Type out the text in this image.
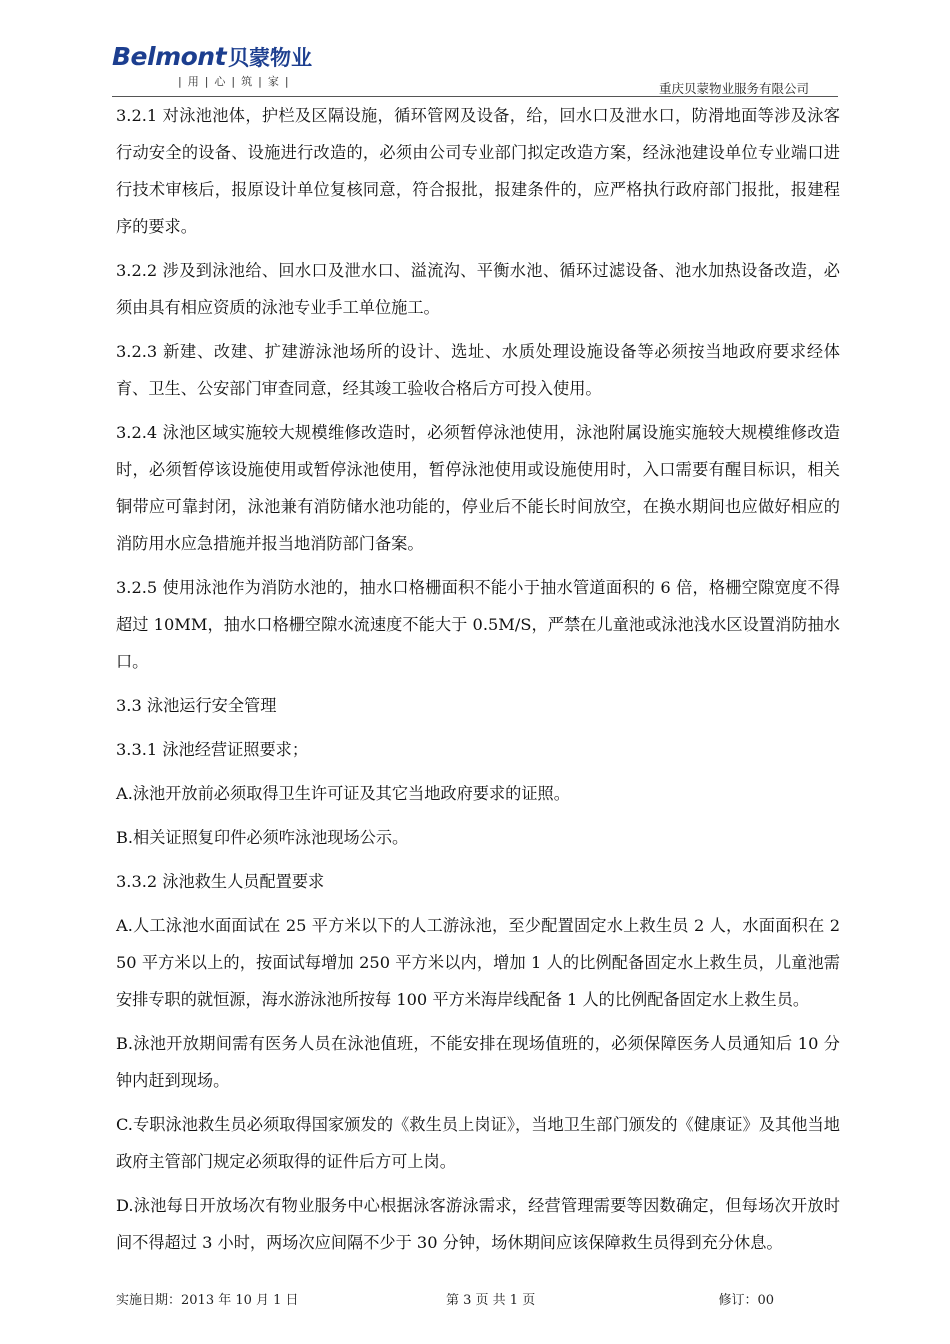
Belmont贝蒙物业
|用|心|筑|家|	重庆贝蒙物业服务有限公司

3.2.1 对泳池池体，护栏及区隔设施，循环管网及设备，给，回水口及泄水口，防滑地面等涉及泳客行动安全的设备、设施进行改造的，必须由公司专业部门拟定改造方案，经泳池建设单位专业端口进行技术审核后，报原设计单位复核同意，符合报批，报建条件的，应严格执行政府部门报批，报建程序的要求。

3.2.2 涉及到泳池给、回水口及泄水口、溢流沟、平衡水池、循环过滤设备、池水加热设备改造，必须由具有相应资质的泳池专业手工单位施工。

3.2.3 新建、改建、扩建游泳池场所的设计、选址、水质处理设施设备等必须按当地政府要求经体育、卫生、公安部门审查同意，经其竣工验收合格后方可投入使用。

3.2.4 泳池区域实施较大规模维修改造时，必须暂停泳池使用，泳池附属设施实施较大规模维修改造时，必须暂停该设施使用或暂停泳池使用，暂停泳池使用或设施使用时，入口需要有醒目标识，相关铜带应可靠封闭，泳池兼有消防储水池功能的，停业后不能长时间放空，在换水期间也应做好相应的消防用水应急措施并报当地消防部门备案。

3.2.5 使用泳池作为消防水池的，抽水口格栅面积不能小于抽水管道面积的 6 倍，格栅空隙宽度不得超过 10MM，抽水口格栅空隙水流速度不能大于 0.5M/S，严禁在儿童池或泳池浅水区设置消防抽水口。

3.3 泳池运行安全管理

3.3.1 泳池经营证照要求；

A.泳池开放前必须取得卫生许可证及其它当地政府要求的证照。

B.相关证照复印件必须咋泳池现场公示。

3.3.2 泳池救生人员配置要求

A.人工泳池水面面试在 25 平方米以下的人工游泳池，至少配置固定水上救生员 2 人，水面面积在 250 平方米以上的，按面试每增加 250 平方米以内，增加 1 人的比例配备固定水上救生员，儿童池需安排专职的就恒源，海水游泳池所按每 100 平方米海岸线配备 1 人的比例配备固定水上救生员。

B.泳池开放期间需有医务人员在泳池值班，不能安排在现场值班的，必须保障医务人员通知后 10 分钟内赶到现场。

C.专职泳池救生员必须取得国家颁发的《救生员上岗证》，当地卫生部门颁发的《健康证》及其他当地政府主管部门规定必须取得的证件后方可上岗。

D.泳池每日开放场次有物业服务中心根据泳客游泳需求，经营管理需要等因数确定，但每场次开放时间不得超过 3 小时，两场次应间隔不少于 30 分钟，场休期间应该保障救生员得到充分休息。

实施日期：2013 年 10 月 1 日	第 3 页 共 1 页	修订：00
